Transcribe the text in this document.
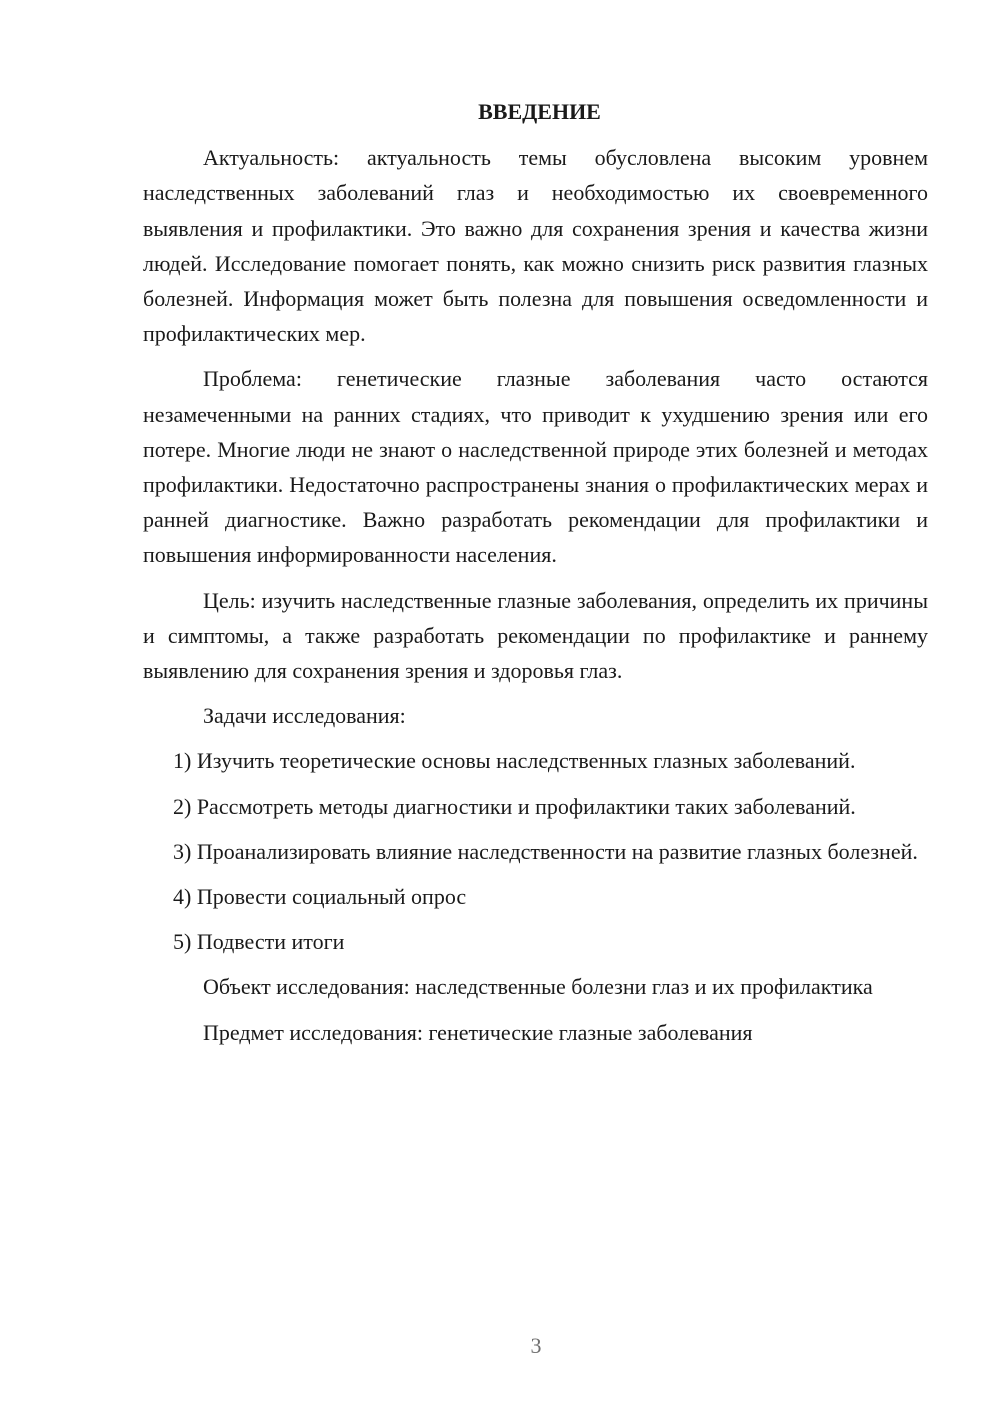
ВВЕДЕНИЕ

Актуальность: актуальность темы обусловлена высоким уровнем наследственных заболеваний глаз и необходимостью их своевременного выявления и профилактики. Это важно для сохранения зрения и качества жизни людей. Исследование помогает понять, как можно снизить риск развития глазных болезней. Информация может быть полезна для повышения осведомленности и профилактических мер.

Проблема: генетические глазные заболевания часто остаются незамеченными на ранних стадиях, что приводит к ухудшению зрения или его потере. Многие люди не знают о наследственной природе этих болезней и методах профилактики. Недостаточно распространены знания о профилактических мерах и ранней диагностике. Важно разработать рекомендации для профилактики и повышения информированности населения.

Цель: изучить наследственные глазные заболевания, определить их причины и симптомы, а также разработать рекомендации по профилактике и раннему выявлению для сохранения зрения и здоровья глаз.

Задачи исследования:

1) Изучить теоретические основы наследственных глазных заболеваний.

2) Рассмотреть методы диагностики и профилактики таких заболеваний.

3) Проанализировать влияние наследственности на развитие глазных болезней.

4) Провести социальный опрос

5) Подвести итоги

Объект исследования: наследственные болезни глаз и их профилактика

Предмет исследования: генетические глазные заболевания

3
